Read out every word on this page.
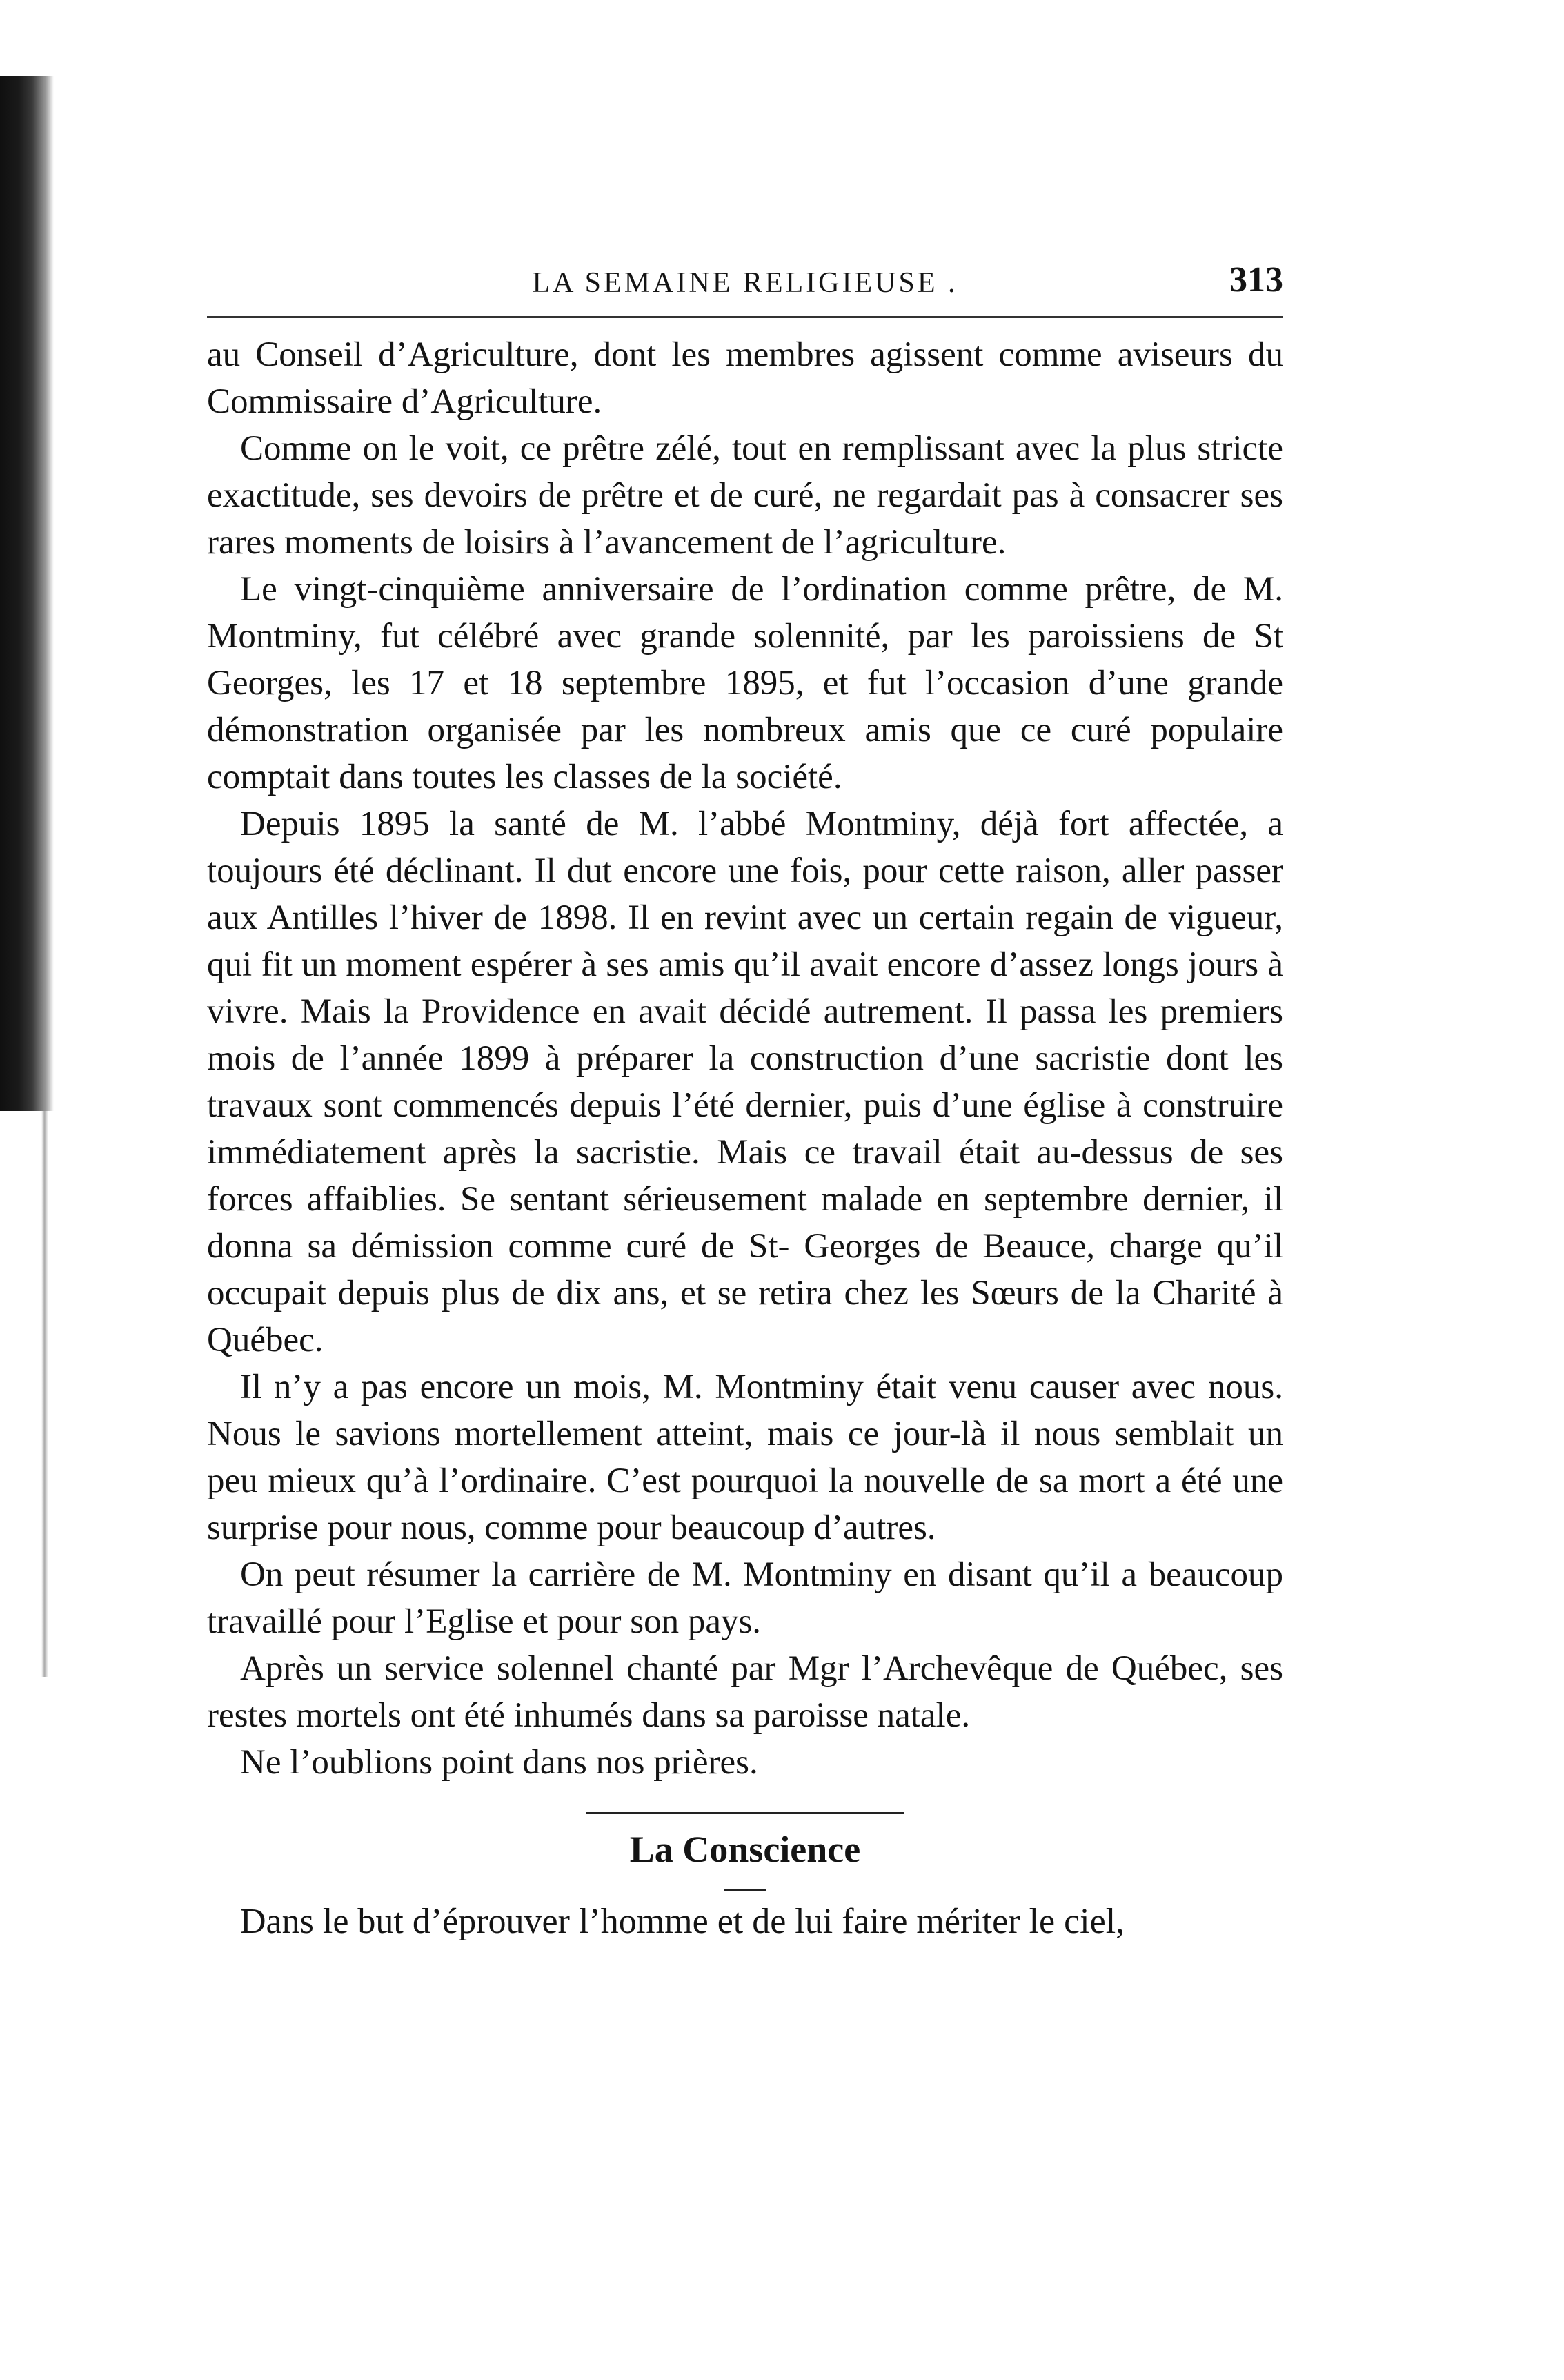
LA SEMAINE RELIGIEUSE .	313

au Conseil d’Agriculture, dont les membres agissent comme aviseurs du Commissaire d’Agriculture.

Comme on le voit, ce prêtre zélé, tout en remplissant avec la plus stricte exactitude, ses devoirs de prêtre et de curé, ne regardait pas à consacrer ses rares moments de loisirs à l’avancement de l’agriculture.

Le vingt-cinquième anniversaire de l’ordination comme prêtre, de M. Montminy, fut célébré avec grande solennité, par les paroissiens de St Georges, les 17 et 18 septembre 1895, et fut l’occasion d’une grande démonstration organisée par les nombreux amis que ce curé populaire comptait dans toutes les classes de la société.

Depuis 1895 la santé de M. l’abbé Montminy, déjà fort affectée, a toujours été déclinant. Il dut encore une fois, pour cette raison, aller passer aux Antilles l’hiver de 1898. Il en revint avec un certain regain de vigueur, qui fit un moment espérer à ses amis qu’il avait encore d’assez longs jours à vivre. Mais la Providence en avait décidé autrement. Il passa les premiers mois de l’année 1899 à préparer la construction d’une sacristie dont les travaux sont commencés depuis l’été dernier, puis d’une église à construire immédiatement après la sacristie. Mais ce travail était au-dessus de ses forces affaiblies. Se sentant sérieusement malade en septembre dernier, il donna sa démission comme curé de St- Georges de Beauce, charge qu’il occupait depuis plus de dix ans, et se retira chez les Sœurs de la Charité à Québec.

Il n’y a pas encore un mois, M. Montminy était venu causer avec nous. Nous le savions mortellement atteint, mais ce jour-là il nous semblait un peu mieux qu’à l’ordinaire. C’est pourquoi la nouvelle de sa mort a été une surprise pour nous, comme pour beaucoup d’autres.

On peut résumer la carrière de M. Montminy en disant qu’il a beaucoup travaillé pour l’Eglise et pour son pays.

Après un service solennel chanté par Mgr l’Archevêque de Québec, ses restes mortels ont été inhumés dans sa paroisse natale.

Ne l’oublions point dans nos prières.

La Conscience
Dans le but d’éprouver l’homme et de lui faire mériter le ciel,
